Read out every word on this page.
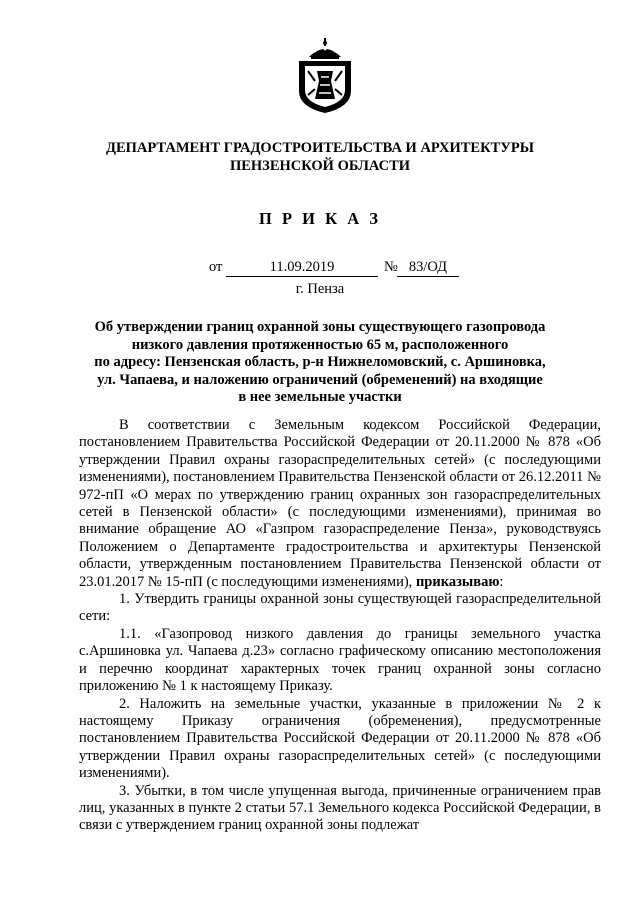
ДЕПАРТАМЕНТ ГРАДОСТРОИТЕЛЬСТВА И АРХИТЕКТУРЫ
ПЕНЗЕНСКОЙ ОБЛАСТИ
П Р И К А З
от	11.09.2019	№ 83/ОД
г. Пенза
Об утверждении границ охранной зоны существующего газопровода
низкого давления протяженностью 65 м, расположенного
по адресу: Пензенская область, р-н Нижнеломовский, с. Аршиновка,
ул. Чапаева, и наложению ограничений (обременений) на входящие
в нее земельные участки

В соответствии с Земельным кодексом Российской Федерации, постановлением Правительства Российской Федерации от 20.11.2000 № 878 «Об утверждении Правил охраны газораспределительных сетей» (с последующими изменениями), постановлением Правительства Пензенской области от 26.12.2011 № 972-пП «О мерах по утверждению границ охранных зон газораспределительных сетей в Пензенской области» (с последующими изменениями), принимая во внимание обращение АО «Газпром газораспределение Пенза», руководствуясь Положением о Департаменте градостроительства и архитектуры Пензенской области, утвержденным постановлением Правительства Пензенской области от 23.01.2017 № 15-пП (с последующими изменениями), приказываю:

1. Утвердить границы охранной зоны существующей газораспределительной сети:

1.1. «Газопровод низкого давления до границы земельного участка с.Аршиновка ул. Чапаева д.23» согласно графическому описанию местоположения и перечню координат характерных точек границ охранной зоны согласно приложению № 1 к настоящему Приказу.

2. Наложить на земельные участки, указанные в приложении № 2 к настоящему Приказу ограничения (обременения), предусмотренные постановлением Правительства Российской Федерации от 20.11.2000 № 878 «Об утверждении Правил охраны газораспределительных сетей» (с последующими изменениями).

3. Убытки, в том числе упущенная выгода, причиненные ограничением прав лиц, указанных в пункте 2 статьи 57.1 Земельного кодекса Российской Федерации, в связи с утверждением границ охранной зоны подлежат
